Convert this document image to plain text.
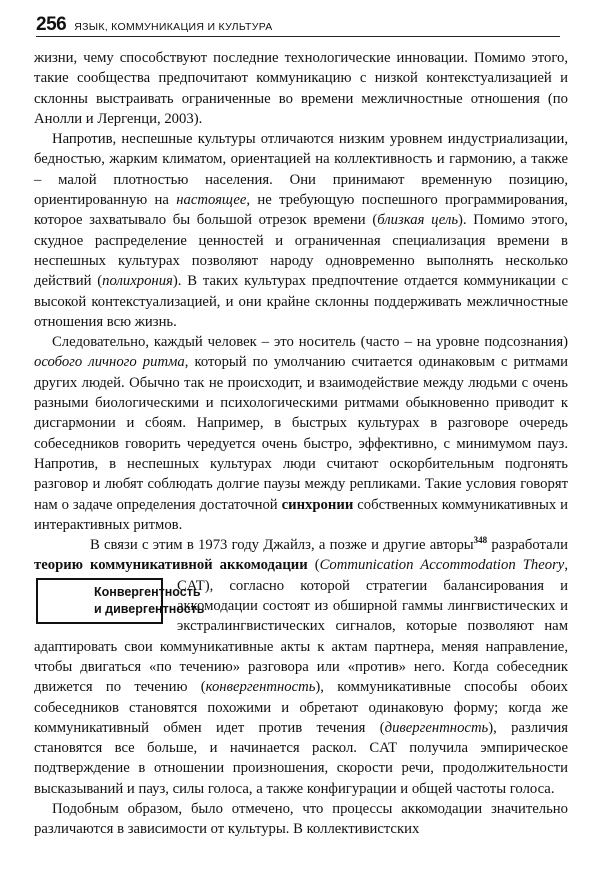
256 ЯЗЫК, КОММУНИКАЦИЯ И КУЛЬТУРА

жизни, чему способствуют последние технологические инновации. Помимо этого, такие сообщества предпочитают коммуникацию с низкой контекстуализацией и склонны выстраивать ограниченные во времени межличностные отношения (по Анолли и Лергенци, 2003).

Напротив, неспешные культуры отличаются низким уровнем индустриализации, бедностью, жарким климатом, ориентацией на коллективность и гармонию, а также – малой плотностью населения. Они принимают временную позицию, ориентированную на настоящее, не требующую поспешного программирования, которое захватывало бы большой отрезок времени (близкая цель). Помимо этого, скудное распределение ценностей и ограниченная специализация времени в неспешных культурах позволяют народу одновременно выполнять несколько действий (полихрония). В таких культурах предпочтение отдается коммуникации с высокой контекстуализацией, и они крайне склонны поддерживать межличностные отношения всю жизнь.

Следовательно, каждый человек – это носитель (часто – на уровне подсознания) особого личного ритма, который по умолчанию считается одинаковым с ритмами других людей. Обычно так не происходит, и взаимодействие между людьми с очень разными биологическими и психологическими ритмами обыкновенно приводит к дисгармонии и сбоям. Например, в быстрых культурах в разговоре очередь собеседников говорить чередуется очень быстро, эффективно, с минимумом пауз. Напротив, в неспешных культурах люди считают оскорбительным подгонять разговор и любят соблюдать долгие паузы между репликами. Такие условия говорят нам о задаче определения достаточной синхронии собственных коммуникативных и интерактивных ритмов.

В связи с этим в 1973 году Джайлз, а позже и другие авторы$^{348}$ разработали теорию коммуникативной аккомодации (Communication Accommodation Theory
Конвергентность
и дивергентность
, CAT), согласно которой стратегии балансирования и аккомодации состоят из обширной гаммы лингвистических и экстралингвистических сигналов, которые позволяют нам адаптировать свои коммуникативные акты к актам партнера, меняя направление, чтобы двигаться «по течению» разговора или «против» него. Когда собеседник движется по течению (конвергентность), коммуникативные способы обоих собеседников становятся похожими и обретают одинаковую форму; когда же коммуникативный обмен идет против течения (дивергентность), различия становятся все больше, и начинается раскол. CAT получила эмпирическое подтверждение в отношении произношения, скорости речи, продолжительности высказываний и пауз, силы голоса, а также конфигурации и общей частоты голоса.

Подобным образом, было отмечено, что процессы аккомодации значительно различаются в зависимости от культуры. В коллективистских
